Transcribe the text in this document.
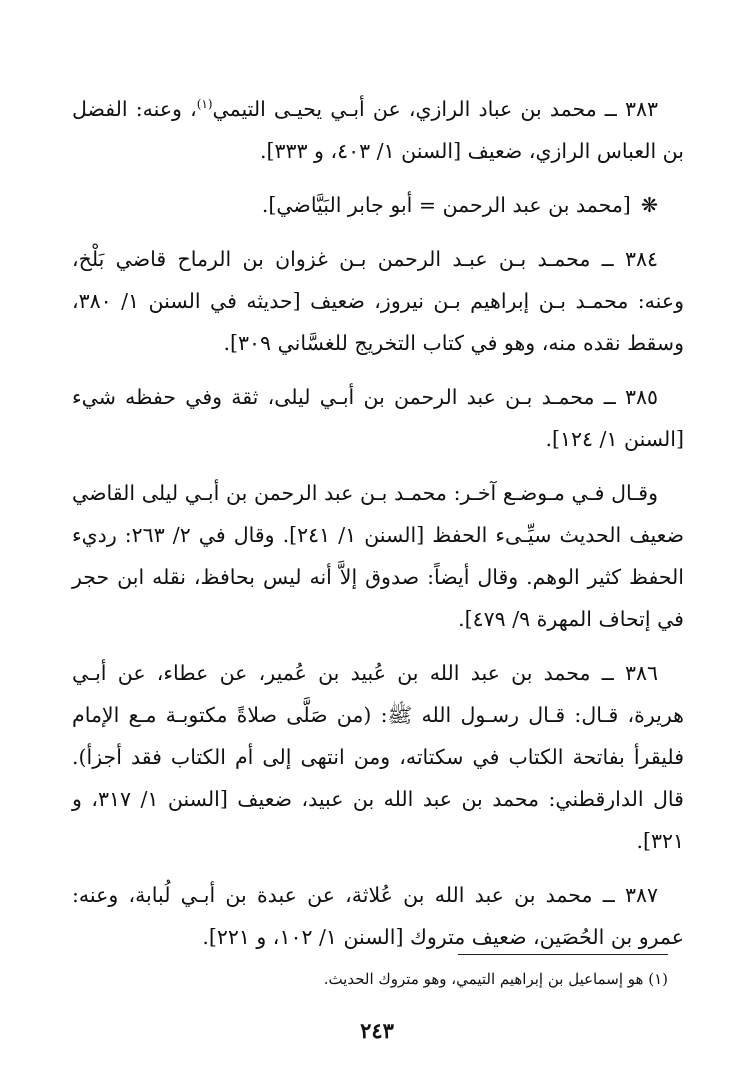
٣٨٣ ــ محمد بن عباد الرازي، عن أبـي يحيـى التيمي$^{(١)}$، وعنه: الفضل بن العباس الرازي، ضعيف [السنن ١/ ٤٠٣، و ٣٣٣].

❋[محمد بن عبد الرحمن = أبو جابر البَيَّاضي].

٣٨٤ ــ محمـد بـن عبـد الرحمن بـن غزوان بن الرماح قاضي بَلْخ، وعنه: محمـد بـن إبراهيم بـن نيروز، ضعيف [حديثه في السنن ١/ ٣٨٠، وسقط نقده منه، وهو في كتاب التخريج للغسَّاني ٣٠٩].

٣٨٥ ــ محمـد بـن عبد الرحمن بن أبـي ليلى، ثقة وفي حفظه شيء [السنن ١/ ١٢٤].

وقـال فـي مـوضـع آخـر: محمـد بـن عبد الرحمن بن أبـي ليلى القاضي ضعيف الحديث سيِّـىء الحفظ [السنن ١/ ٢٤١]. وقال في ٢/ ٢٦٣: رديء الحفظ كثير الوهم. وقال أيضاً: صدوق إلاَّ أنه ليس بحافظ، نقله ابن حجر في إتحاف المهرة ٩/ ٤٧٩].

٣٨٦ ــ محمد بن عبد الله بن عُبيد بن عُمير، عن عطاء، عن أبـي هريرة، قـال: قـال رسـول الله ﷺ: (من صَلَّى صلاةً مكتوبـة مـع الإمام فليقرأ بفاتحة الكتاب في سكتاته، ومن انتهى إلى أم الكتاب فقد أجزأ). قال الدارقطني: محمد بن عبد الله بن عبيد، ضعيف [السنن ١/ ٣١٧، و ٣٢١].

٣٨٧ ــ محمد بن عبد الله بن عُلاثة، عن عبدة بن أبـي لُبابة، وعنه: عمرو بن الحُصَين، ضعيف متروك [السنن ١/ ١٠٢، و ٢٢١].

(١) هو إسماعيل بن إبراهيم التيمي، وهو متروك الحديث.
٢٤٣
